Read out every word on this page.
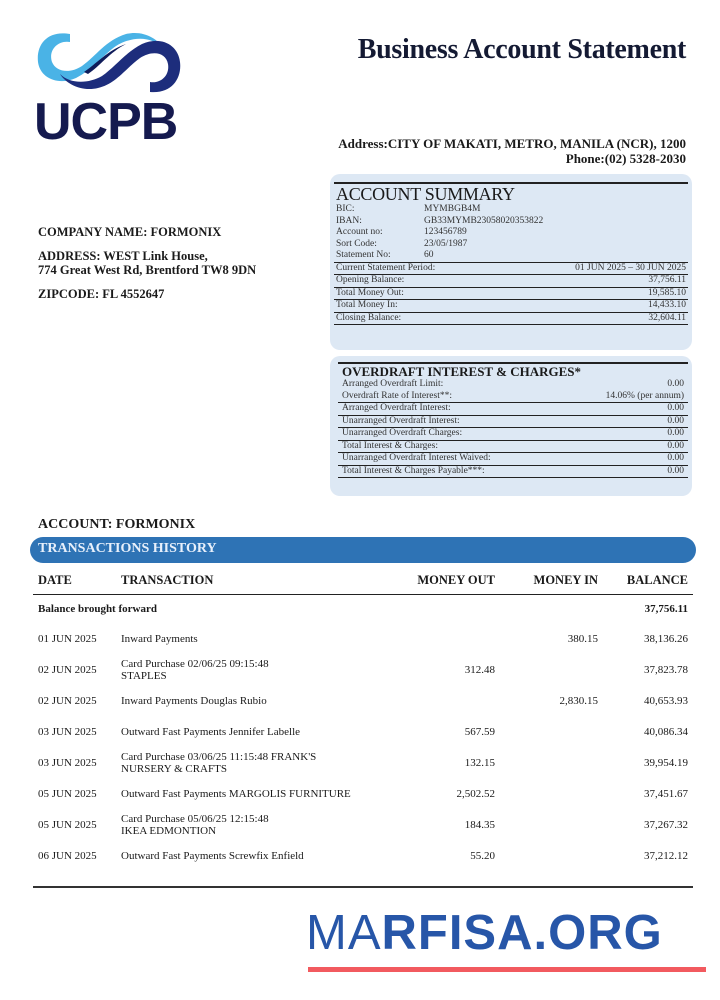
UCPB
Business Account Statement
Address:CITY OF MAKATI, METRO, MANILA (NCR), 1200
Phone:(02) 5328-2030

COMPANY NAME: FORMONIX

ADDRESS: WEST Link House,
774 Great West Rd, Brentford TW8 9DN

ZIPCODE: FL 4552647

ACCOUNT SUMMARY
BIC:	MYMBGB4M
IBAN:	GB33MYMB23058020353822
Account no:	123456789
Sort Code:	23/05/1987
Statement No:	60
Current Statement Period:	01 JUN 2025 – 30 JUN 2025
Opening Balance:	37,756.11
Total Money Out:	19,585.10
Total Money In:	14,433.10
Closing Balance:	32,604.11
OVERDRAFT INTEREST & CHARGES*
Arranged Overdraft Limit:	0.00
Overdraft Rate of Interest**:	14.06% (per annum)
Arranged Overdraft Interest:	0.00
Unarranged Overdraft Interest:	0.00
Unarranged Overdraft Charges:	0.00
Total Interest & Charges:	0.00
Unarranged Overdraft Interest Waived:	0.00
Total Interest & Charges Payable***:	0.00
ACCOUNT: FORMONIX
TRANSACTIONS HISTORY
DATE	TRANSACTION	MONEY OUT	MONEY IN	BALANCE
Balance brought forward				37,756.11
01 JUN 2025	Inward Payments		380.15	38,136.26
02 JUN 2025	Card Purchase 02/06/25 09:15:48
STAPLES	312.48		37,823.78
02 JUN 2025	Inward Payments Douglas Rubio		2,830.15	40,653.93
03 JUN 2025	Outward Fast Payments Jennifer Labelle	567.59		40,086.34
03 JUN 2025	Card Purchase 03/06/25 11:15:48 FRANK'S
NURSERY & CRAFTS	132.15		39,954.19
05 JUN 2025	Outward Fast Payments MARGOLIS FURNITURE	2,502.52		37,451.67
05 JUN 2025	Card Purchase 05/06/25 12:15:48
IKEA EDMONTION	184.35		37,267.32
06 JUN 2025	Outward Fast Payments Screwfix Enfield	55.20		37,212.12
MARFISA.ORG
